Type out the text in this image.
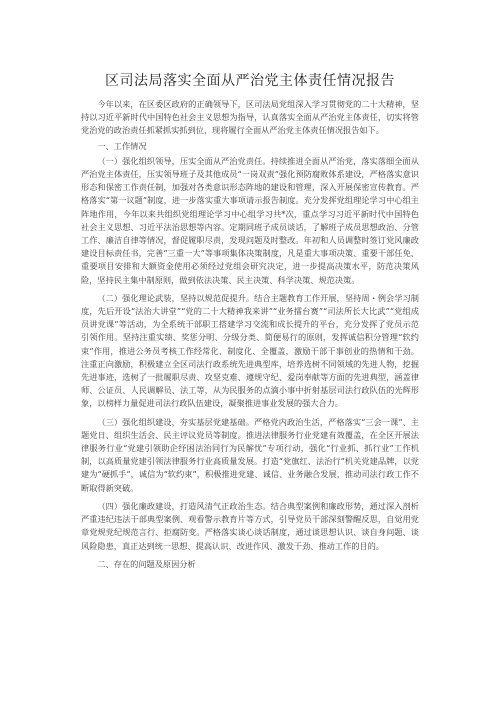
区司法局落实全面从严治党主体责任情况报告

今年以来，在区委区政府的正确领导下，区司法局党组深入学习贯彻党的二十大精神，坚持以习近平新时代中国特色社会主义思想为指导，认真落实全面从严治党主体责任，切实将管党治党的政治责任抓紧抓实抓到位，现将履行全面从严治党主体责任情况报告如下。

一、工作情况

（一）强化组织领导，压实全面从严治党责任。持续推进全面从严治党，落实落细全面从严治党主体责任，压实领导班子及其他成员“一岗双责”强化预防腐败体系建设，严格落实意识形态和保密工作责任制，加强对各类意识形态阵地的建设和管理，深入开展保密宣传教育。严格落实“第一议题”制度，进一步落实重大事项请示报告制度。充分发挥党组理论学习中心组主阵地作用，今年以来共组织党组理论学习中心组学习共*次，重点学习习近平新时代中国特色社会主义思想、习近平法治思想等内容。定期同班子成员谈话，了解班子成员思想政治、分管工作、廉洁自律等情况，督促履职尽责，发现问题及时整改。年初和人员调整时签订党风廉政建设目标责任书，完善“三重一大”等事项集体决策制度，凡是重大事项决策、重要干部任免、重要项目安排和大额资金使用必须经过党组会研究决定，进一步提高决策水平，防范决策风险，坚持民主集中制原则，做到依法决策、民主决策、科学决策、规范决策。

（二）强化理论武装，坚持以规范促提升。结合主题教育工作开展，坚持周・例会学习制度，先后开设“法治大讲堂”“党的二十大精神我来讲”“业务擂台赛”“司法所长大比武”“党组成员讲党课”等活动，为全系统干部职工搭建学习交流和成长提升的平台，充分发挥了党员示范引领作用。坚持注重实绩、奖惩分明、分级分类、简便易行的原则，发挥诚信积分管理“软约束”作用，推进公务员考核工作经常化、制度化、全覆盖，激励干部干事创业的热情和干劲。注重正向激励，积极建立全区司法行政系统先进典型库，培养选树不同领域的先进人物，挖掘先进事迹，选树了一批履职尽责、攻坚克难、遵规守纪、爱岗奉献等方面的先进典型，涵盖律师、公证员、人民调解员、法工等，从为民服务的点滴小事中折射基层司法行政队伍的光辉形象，以榜样力量促进司法行政队伍建设，凝聚推进事业发展的强大合力。

（三）强化组织建设，夯实基层党建基础。严格党内政治生活，严格落实“三会一课”、主题党日、组织生活会、民主评议党员等制度。推进法律服务行业党建有效覆盖，在全区开展法律服务行业“党建引领助企纾困法治同行为民解忧”专项行动，强化“行业抓、抓行业”工作机制，以高质量党建引领法律服务行业高质量发展。打造“党旗红、法治行”机关党建品牌，以党建为“硬抓手”，诚信为“软约束”，积极推进党建、诚信、业务融合发展，推动司法行政工作不断取得新突破。

（四）强化廉政建设，打造风清气正政治生态。结合典型案例和廉政形势，通过深入剖析严重违纪违法干部典型案例、观看警示教育片等方式，引导党员干部深刻警醒反思，自觉用党章党规党纪规范言行、拒腐防变。严格落实谈心谈话制度，通过谈思想认识、谈自身问题、谈风险隐患，真正达到统一思想、提高认识、改进作风、激发干劲、推动工作的目的。

二、存在的问题及原因分析
